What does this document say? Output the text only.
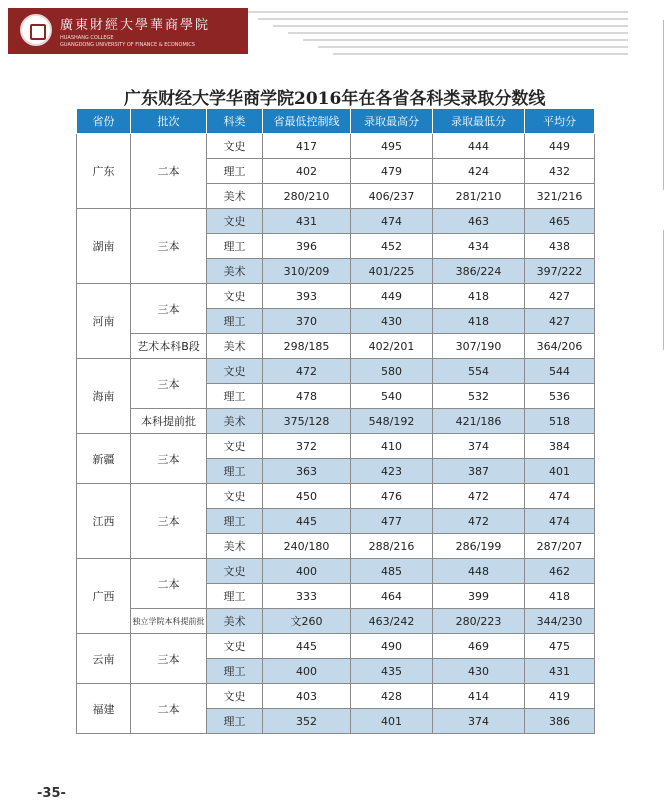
廣東財經大學華商學院
HUASHANG COLLEGE
GUANGDONG UNIVERSITY OF FINANCE & ECONOMICS
广东财经大学华商学院2016年在各省各科类录取分数线
省份	批次	科类	省最低控制线	录取最高分	录取最低分	平均分
广东	二本	文史	417	495	444	449
		理工	402	479	424	432
		美术	280/210	406/237	281/210	321/216
湖南	三本	文史	431	474	463	465
		理工	396	452	434	438
		美术	310/209	401/225	386/224	397/222
河南	三本	文史	393	449	418	427
		理工	370	430	418	427
	艺术本科B段	美术	298/185	402/201	307/190	364/206
海南	三本	文史	472	580	554	544
		理工	478	540	532	536
	本科提前批	美术	375/128	548/192	421/186	518
新疆	三本	文史	372	410	374	384
		理工	363	423	387	401
江西	三本	文史	450	476	472	474
		理工	445	477	472	474
		美术	240/180	288/216	286/199	287/207
广西	二本	文史	400	485	448	462
		理工	333	464	399	418
	独立学院本科提前批	美术	文260	463/242	280/223	344/230
云南	三本	文史	445	490	469	475
		理工	400	435	430	431
福建	二本	文史	403	428	414	419
		理工	352	401	374	386
-35-
